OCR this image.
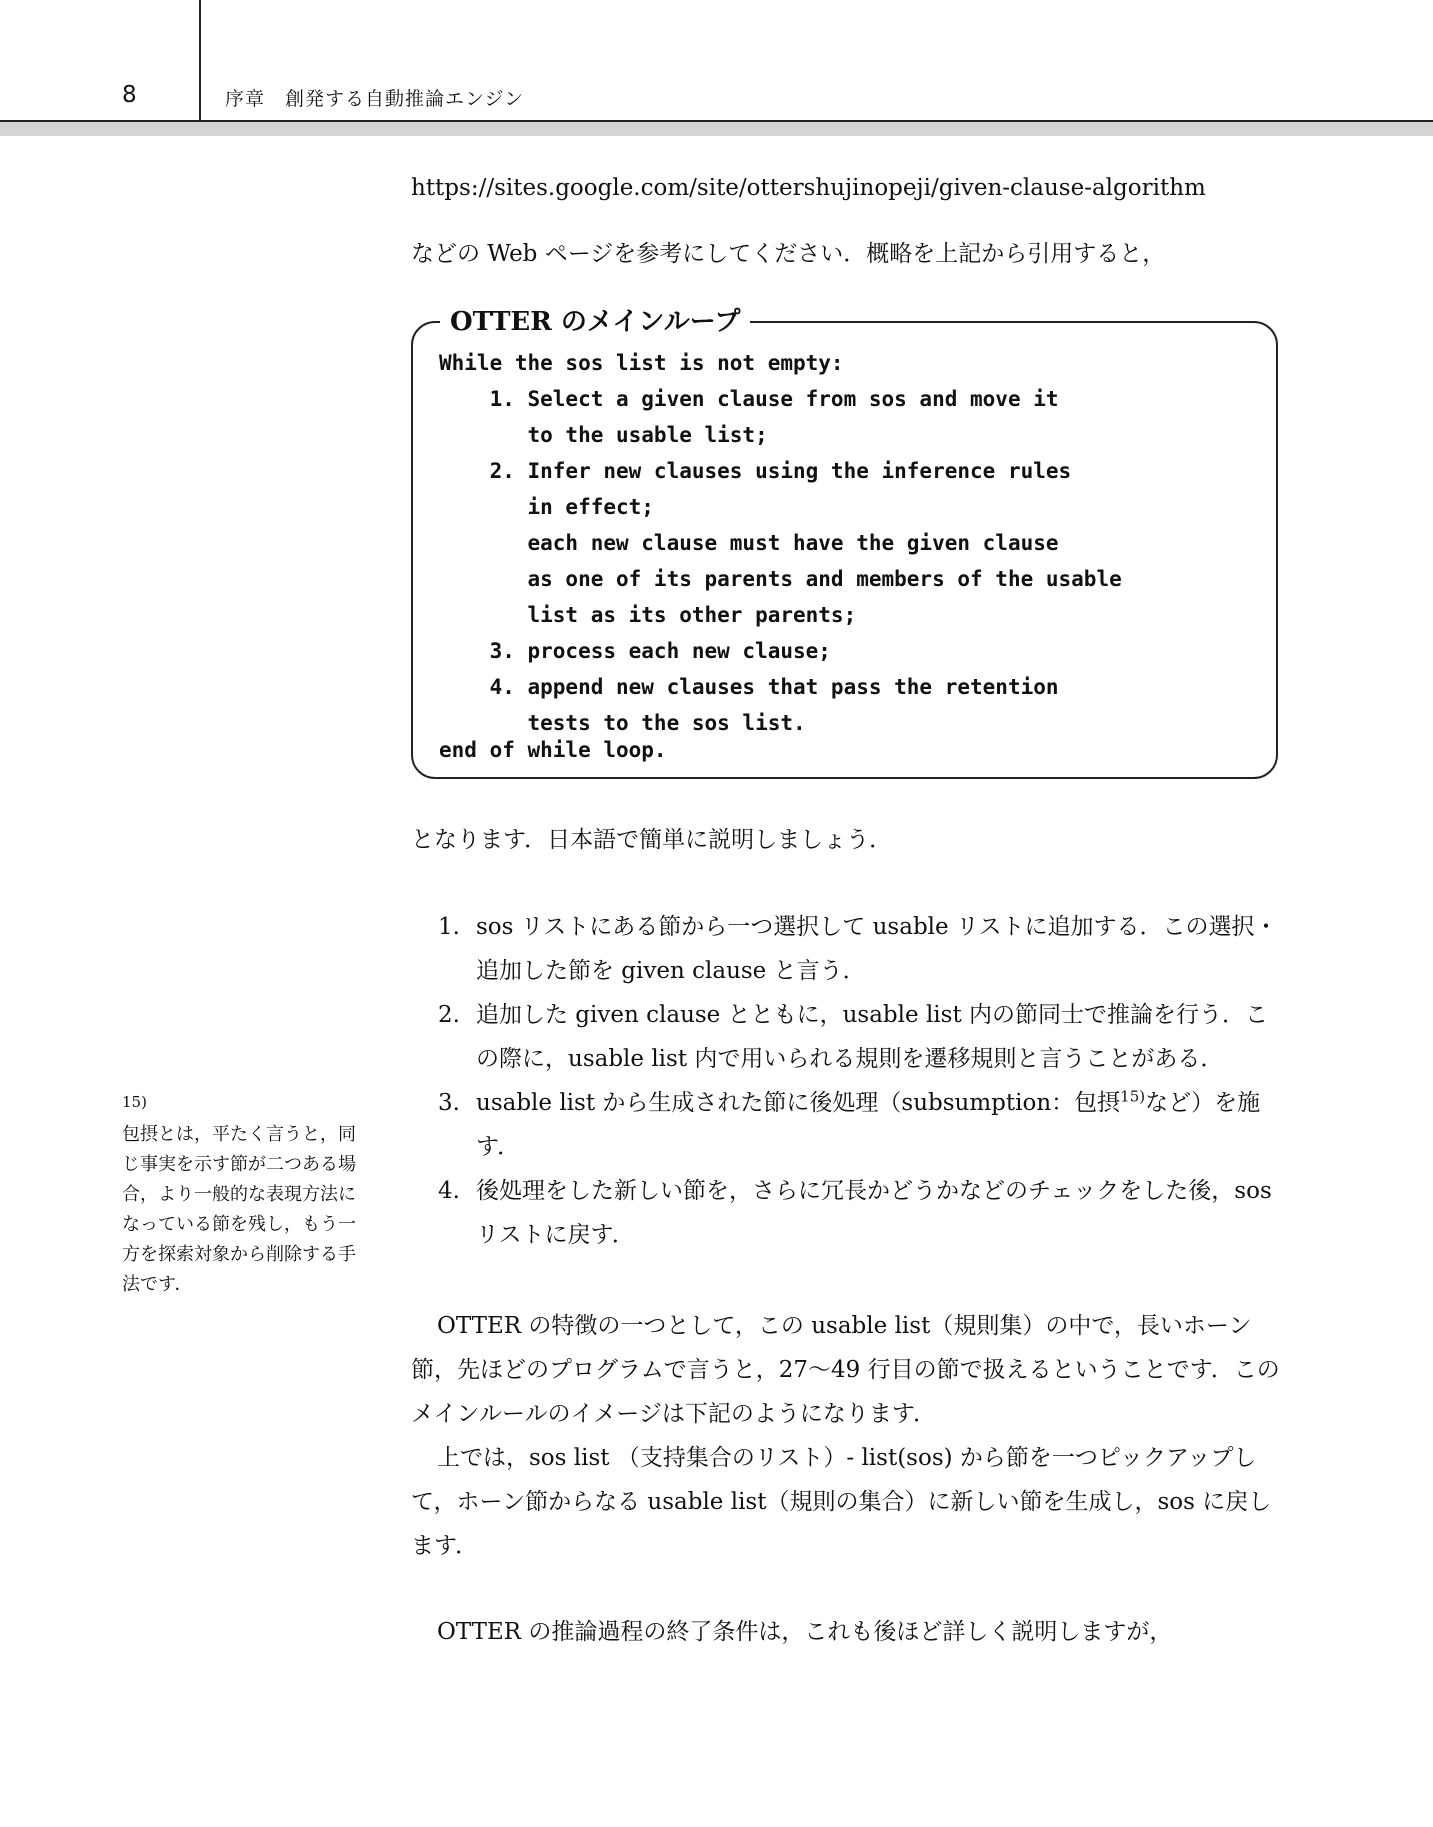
8	序章　創発する自動推論エンジン
https://sites.google.com/site/ottershujinopeji/given-clause-algorithm
などの Web ページを参考にしてください．概略を上記から引用すると，
OTTER のメインループ
While the sos list is not empty:
1. Select a given clause from sos and move it
to the usable list;
2. Infer new clauses using the inference rules
in effect;
each new clause must have the given clause
as one of its parents and members of the usable
list as its other parents;
3. process each new clause;
4. append new clauses that pass the retention
tests to the sos list.
end of while loop.
となります．日本語で簡単に説明しましょう．
1. sos リストにある節から一つ選択して usable リストに追加する．この選択・追加した節を given clause と言う．
2. 追加した given clause とともに，usable list 内の節同士で推論を行う．この際に，usable list 内で用いられる規則を遷移規則と言うことがある．
3. usable list から生成された節に後処理（subsumption：包摂$^{15)}$など）を施す．
4. 後処理をした新しい節を，さらに冗長かどうかなどのチェックをした後，sos リストに戻す．
OTTER の特徴の一つとして，この usable list（規則集）の中で，長いホーン節，先ほどのプログラムで言うと，27〜49 行目の節で扱えるということです．このメインルールのイメージは下記のようになります．
上では，sos list （支持集合のリスト）- list(sos) から節を一つピックアップして，ホーン節からなる usable list（規則の集合）に新しい節を生成し，sos に戻します．
OTTER の推論過程の終了条件は，これも後ほど詳しく説明しますが，
15)
包摂とは，平たく言うと，同じ事実を示す節が二つある場合，より一般的な表現方法になっている節を残し，もう一方を探索対象から削除する手法です．
